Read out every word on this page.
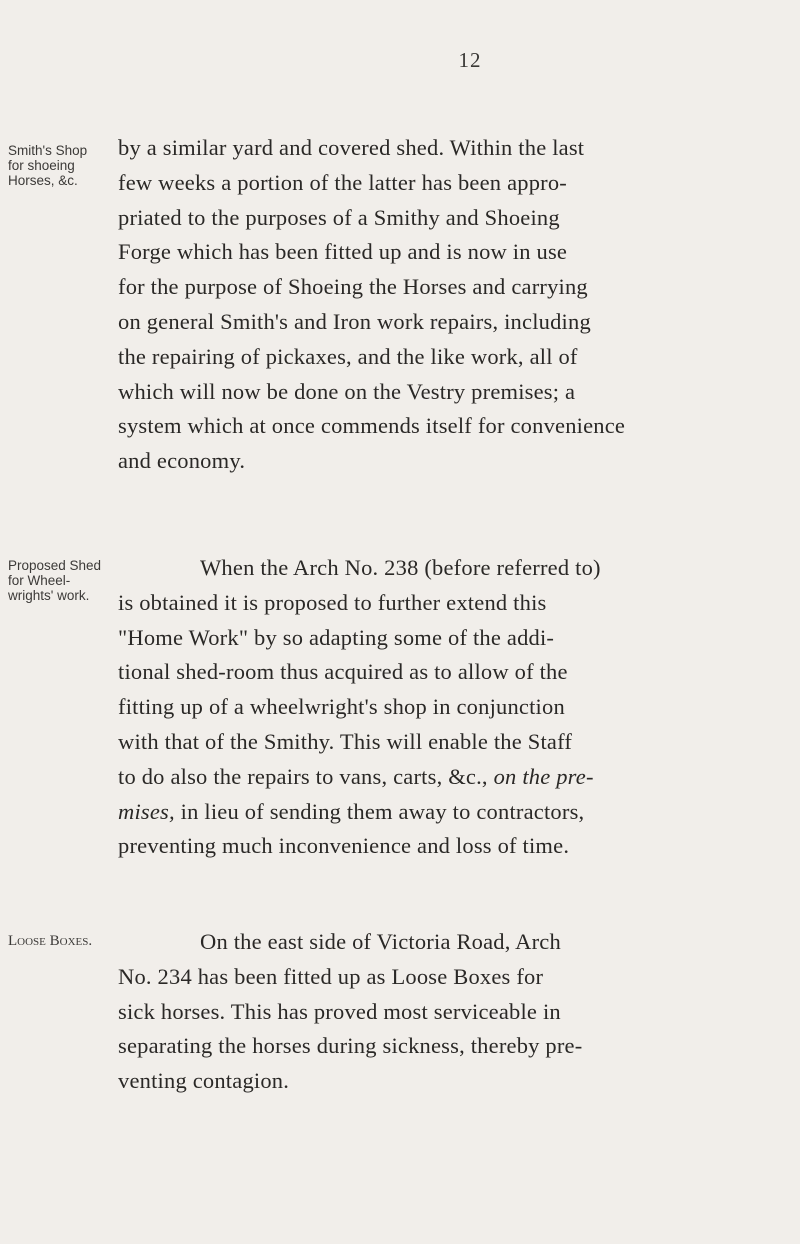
12
Smith's Shop
for shoeing
Horses, &c.
by a similar yard and covered shed. Within the last
few weeks a portion of the latter has been appro-
priated to the purposes of a Smithy and Shoeing
Forge which has been fitted up and is now in use
for the purpose of Shoeing the Horses and carrying
on general Smith's and Iron work repairs, including
the repairing of pickaxes, and the like work, all of
which will now be done on the Vestry premises; a
system which at once commends itself for convenience
and economy.
Proposed Shed
for Wheel-
wrights' work.
When the Arch No. 238 (before referred to)
is obtained it is proposed to further extend this
"Home Work" by so adapting some of the addi-
tional shed-room thus acquired as to allow of the
fitting up of a wheelwright's shop in conjunction
with that of the Smithy. This will enable the Staff
to do also the repairs to vans, carts, &c., on the pre-
mises, in lieu of sending them away to contractors,
preventing much inconvenience and loss of time.
Loose Boxes.	On the east side of Victoria Road, Arch
No. 234 has been fitted up as Loose Boxes for
sick horses. This has proved most serviceable in
separating the horses during sickness, thereby pre-
venting contagion.
